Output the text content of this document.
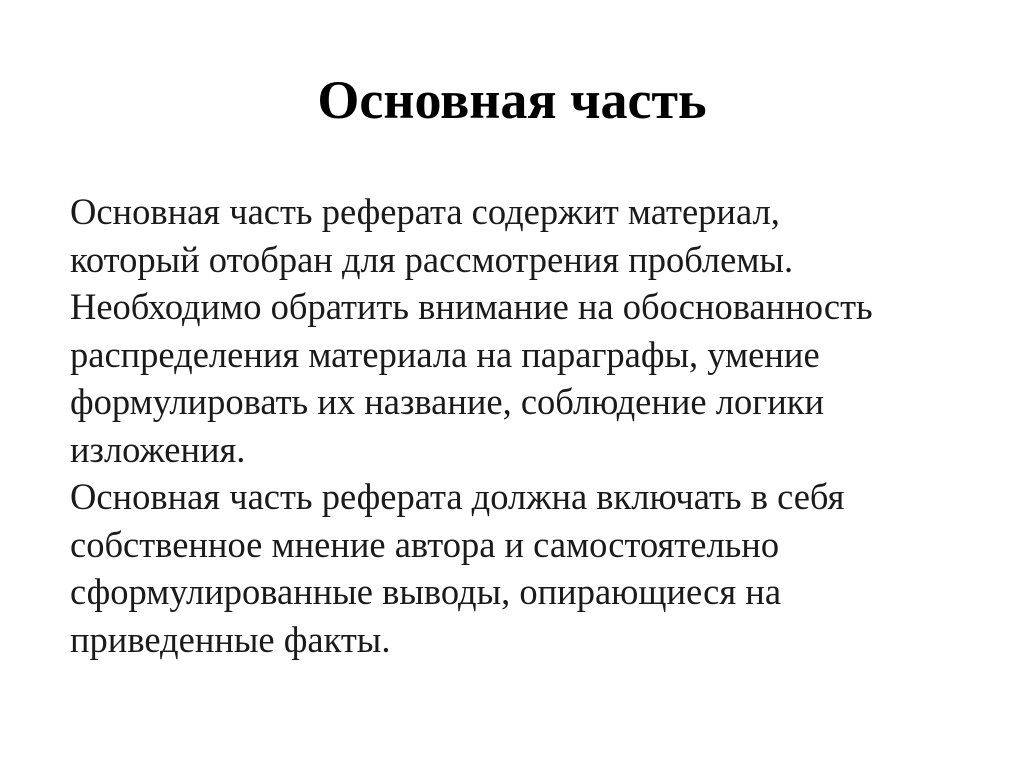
Основная часть
Основная часть реферата содержит материал,
который отобран для рассмотрения проблемы.
Необходимо обратить внимание на обоснованность
распределения материала на параграфы, умение
формулировать их название, соблюдение логики
изложения.
Основная часть реферата должна включать в себя
собственное мнение автора и самостоятельно
сформулированные выводы, опирающиеся на
приведенные факты.
